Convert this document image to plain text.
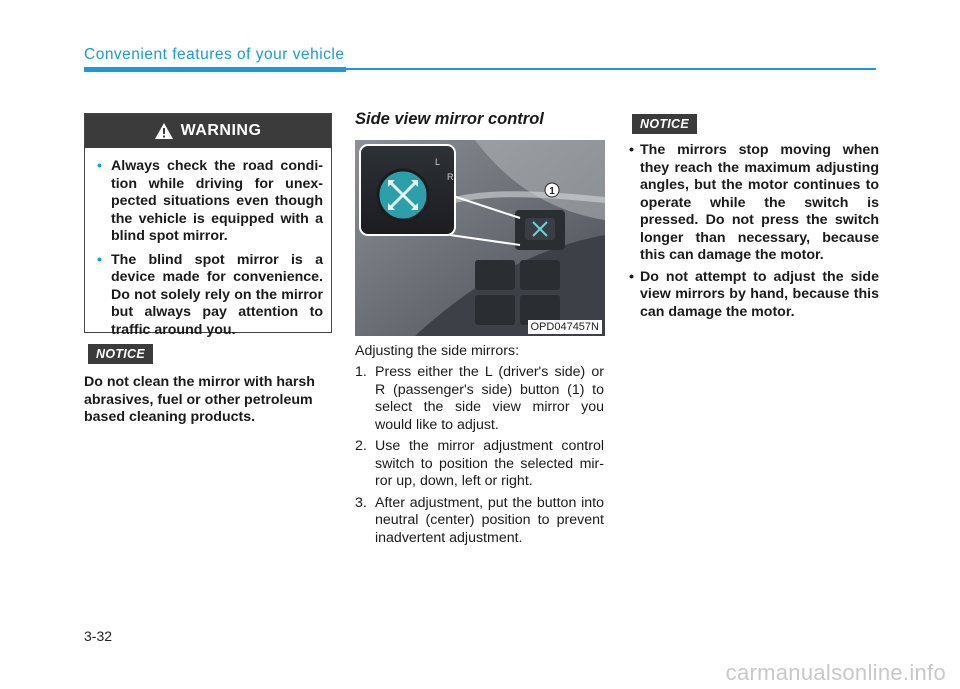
Convenient features of your vehicle
WARNING
• Always check the road condition while driving for unexpected situations even though the vehicle is equipped with a blind spot mirror.
• The blind spot mirror is a device made for convenience. Do not solely rely on the mirror but always pay attention to traffic around you.
NOTICE
Do not clean the mirror with harsh abrasives, fuel or other petroleum based cleaning products.
Side view mirror control
L
R
1
OPD047457N
Adjusting the side mirrors:
1. Press either the L (driver's side) or R (passenger's side) button (1) to select the side view mirror you would like to adjust.
2. Use the mirror adjustment control switch to position the selected mirror up, down, left or right.
3. After adjustment, put the button into neutral (center) position to prevent inadvertent adjustment.
NOTICE
• The mirrors stop moving when they reach the maximum adjusting angles, but the motor continues to operate while the switch is pressed. Do not press the switch longer than necessary, because this can damage the motor.
• Do not attempt to adjust the side view mirrors by hand, because this can damage the motor.
3-32
carmanualsonline.info
